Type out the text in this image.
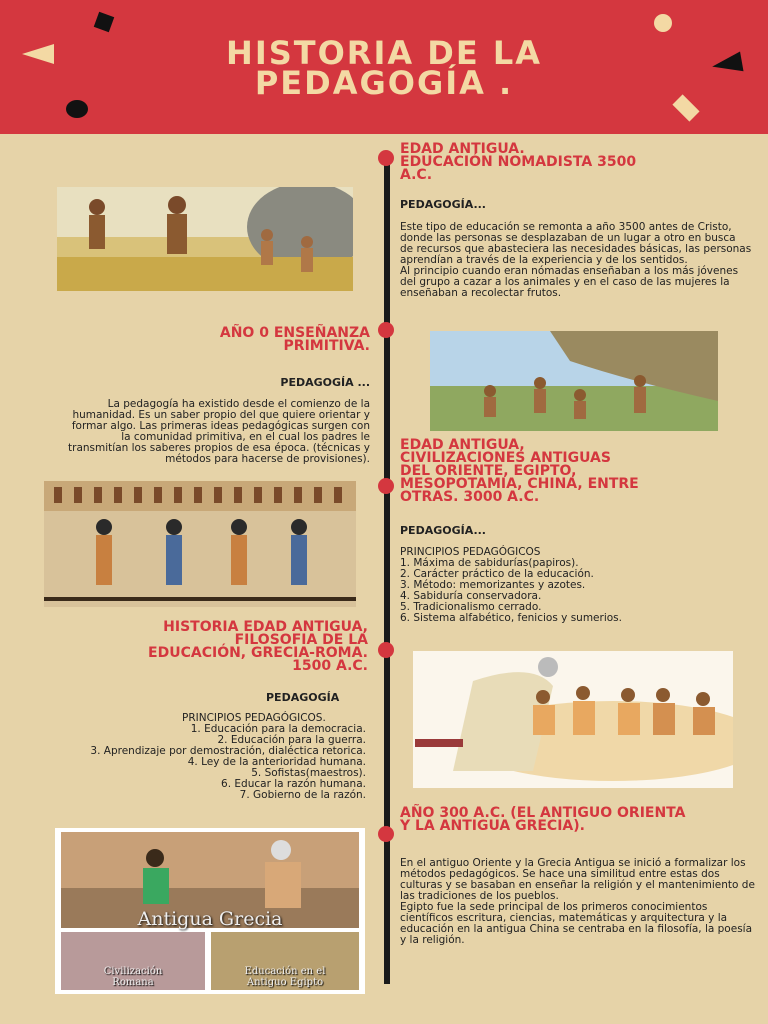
HISTORIA DE LA
PEDAGOGÍA .
EDAD ANTIGUA.
EDUCACIÓN NOMADISTA 3500
A.C.
PEDAGOGÍA...

Este tipo de educación se remonta a año 3500 antes de Cristo, donde las personas se desplazaban de un lugar a otro en busca de recursos que abasteciera las necesidades básicas, las personas aprendían a través de la experiencia y de los sentidos.

Al principio cuando eran nómadas enseñaban a los más jóvenes del grupo a cazar a los animales y en el caso de las mujeres la enseñaban a recolectar frutos.

AÑO 0 ENSEÑANZA
PRIMITIVA.
PEDAGOGÍA ...

La pedagogía ha existido desde el comienzo de la humanidad. Es un saber propio del que quiere orientar y formar algo. Las primeras ideas pedagógicas surgen con la comunidad primitiva, en el cual los padres le transmitían los saberes propios de esa época. (técnicas y métodos para hacerse de provisiones).

EDAD ANTIGUA,
CIVILIZACIONES ANTIGUAS
DEL ORIENTE, EGIPTO,
MESOPOTAMIA, CHINA, ENTRE
OTRAS. 3000 A.C.
PEDAGOGÍA...

PRINCIPIOS PEDAGÓGICOS

1. Máxima de sabidurías(papiros).
2. Carácter práctico de la educación.
3. Método: memorizantes y azotes.
4. Sabiduría conservadora.
5. Tradicionalismo cerrado.
6. Sistema alfabético, fenicios y sumerios.
HISTORIA EDAD ANTIGUA,
FILOSOFIA DE LA
EDUCACIÓN, GRECIA-ROMA.
1500 A.C.
PEDAGOGÍA

PRINCIPIOS PEDAGÓGICOS.

1. Educación para la democracia.
2. Educación para la guerra.
3. Aprendizaje por demostración, dialéctica retorica.
4. Ley de la anterioridad humana.
5. Sofistas(maestros).
6. Educar la razón humana.
7. Gobierno de la razón.
AÑO 300 A.C. (EL ANTIGUO ORIENTA
Y LA ANTIGUA GRECIA).

En el antiguo Oriente y la Grecia Antigua se inició a formalizar los métodos pedagógicos. Se hace una similitud entre estas dos culturas y se basaban en enseñar la religión y el mantenimiento de las tradiciones de los pueblos.

Egipto fue la sede principal de los primeros conocimientos científicos escritura, ciencias, matemáticas y arquitectura y la educación en la antigua China se centraba en la filosofía, la poesía y la religión.

Antigua Grecia
Civilización
Romana
Educación en el
Antiguo Egipto
